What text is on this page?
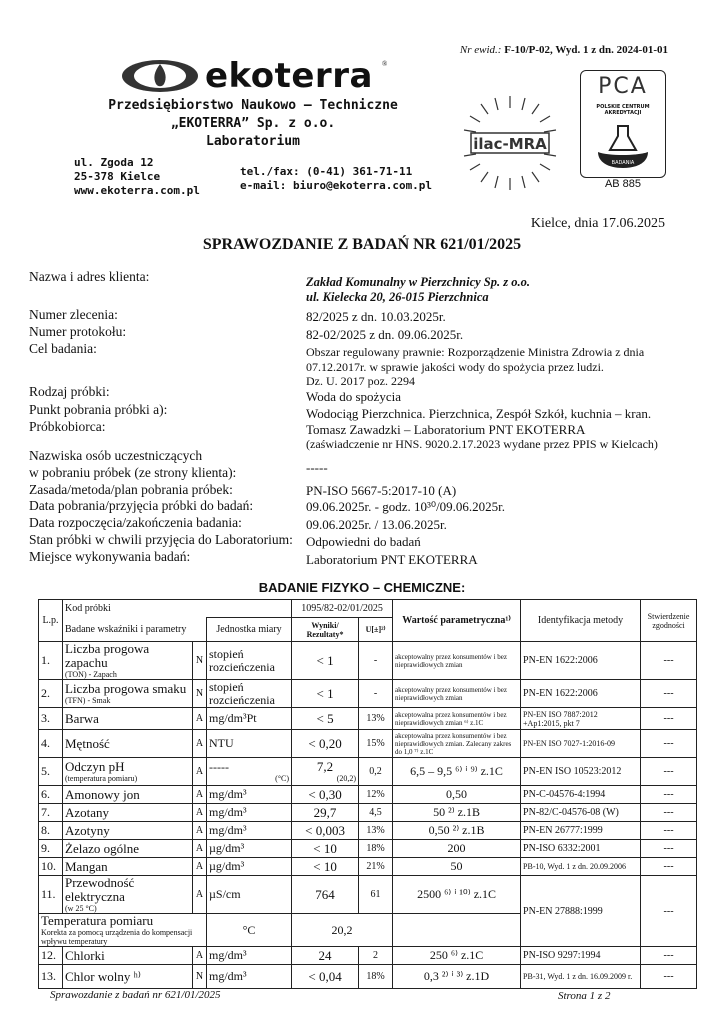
Nr ewid.: F-10/P-02, Wyd. 1 z dn. 2024-01-01
ekoterra ®
Przedsiębiorstwo Naukowo – Techniczne
„EKOTERRA” Sp. z o.o.
Laboratorium
ul. Zgoda 12
25-378 Kielce
www.ekoterra.com.pl
tel./fax: (0-41) 361-71-11
e-mail: biuro@ekoterra.com.pl
ilac-MRA
PCA
POLSKIE CENTRUM AKREDYTACJI
BADANIA
AB 885
Kielce, dnia 17.06.2025
SPRAWOZDANIE Z BADAŃ NR 621/01/2025
Nazwa i adres klienta:	Zakład Komunalny w Pierzchnicy Sp. z o.o.
ul. Kielecka 20, 26-015 Pierzchnica
Numer zlecenia:	82/2025 z dn. 10.03.2025r.
Numer protokołu:	82-02/2025 z dn. 09.06.2025r.
Cel badania:	Obszar regulowany prawnie: Rozporządzenie Ministra Zdrowia z dnia
07.12.2017r. w sprawie jakości wody do spożycia przez ludzi.
Dz. U. 2017 poz. 2294
Rodzaj próbki:	Woda do spożycia
Punkt pobrania próbki a):	Wodociąg Pierzchnica. Pierzchnica, Zespół Szkół, kuchnia – kran.
Próbkobiorca:	Tomasz Zawadzki – Laboratorium PNT EKOTERRA
(zaświadczenie nr HNS. 9020.2.17.2023 wydane przez PPIS w Kielcach)
Nazwiska osób uczestniczących
w pobraniu próbek (ze strony klienta):	-----
Zasada/metoda/plan pobrania próbek:	PN-ISO 5667-5:2017-10 (A)
Data pobrania/przyjęcia próbki do badań:	09.06.2025r. - godz. 10³⁰/09.06.2025r.
Data rozpoczęcia/zakończenia badania:	09.06.2025r. / 13.06.2025r.
Stan próbki w chwili przyjęcia do Laboratorium: Odpowiedni do badań
Miejsce wykonywania badań:	Laboratorium PNT EKOTERRA
BADANIE FIZYKO – CHEMICZNE:
L.p.	Kod próbki			1095/82-02/01/2025		Wartość parametryczna¹⁾	Identyfikacja metody	Stwierdzenie zgodności
	Badane wskaźniki i parametry		Jednostka miary	Wyniki/ Rezultaty*	U[±]²⁾			
1.	Liczba progowa zapachu
(TON) - Zapach	N	stopień rozcieńczenia	< 1	-	akceptowalny przez konsumentów i bez nieprawidłowych zmian	PN-EN 1622:2006	---
2.	Liczba progowa smaku
(TFN) - Smak	N	stopień rozcieńczenia	< 1	-	akceptowalny przez konsumentów i bez nieprawidłowych zmian	PN-EN 1622:2006	---
3.	Barwa	A	mg/dm³Pt	< 5	13%	akceptowalna przez konsumentów i bez nieprawidłowych zmian ⁶⁾ z.1C	PN-EN ISO 7887:2012 +Ap1:2015, pkt 7	---
4.	Mętność	A	NTU	< 0,20	15%	akceptowalna przez konsumentów i bez nieprawidłowych zmian. Zalecany zakres do 1,0 ⁷⁾ z.1C	PN-EN ISO 7027-1:2016-09	---
5.	Odczyn pH
(temperatura pomiaru)	A	-----
(°C)	7,2
(20,2)	0,2	6,5 – 9,5 ⁶⁾ ⁱ ⁹⁾ z.1C	PN-EN ISO 10523:2012	---
6.	Amonowy jon	A	mg/dm³	< 0,30	12%	0,50	PN-C-04576-4:1994	---
7.	Azotany	A	mg/dm³	29,7	4,5	50 ²⁾ z.1B	PN-82/C-04576-08 (W)	---
8.	Azotyny	A	mg/dm³	< 0,003	13%	0,50 ²⁾ z.1B	PN-EN 26777:1999	---
9.	Żelazo ogólne	A	µg/dm³	< 10	18%	200	PN-ISO 6332:2001	---
10.	Mangan	A	µg/dm³	< 10	21%	50	PB-10, Wyd. 1 z dn. 20.09.2006	---
11.	Przewodność elektryczna
(w 25 °C)	A	µS/cm	764	61	2500 ⁶⁾ ⁱ ¹⁰⁾ z.1C	PN-EN 27888:1999	---

Temperatura pomiaru
Korekta za pomocą urządzenia do kompensacji wpływu temperatury			°C	20,2				
12.	Chlorki	A	mg/dm³	24	2	250 ⁶⁾ z.1C	PN-ISO 9297:1994	---
13.	Chlor wolny ʰ⁾	N	mg/dm³	< 0,04	18%	0,3 ²⁾ ⁱ ³⁾ z.1D	PB-31, Wyd. 1 z dn. 16.09.2009 r.	---
Sprawozdanie z badań nr 621/01/2025	Strona 1 z 2
